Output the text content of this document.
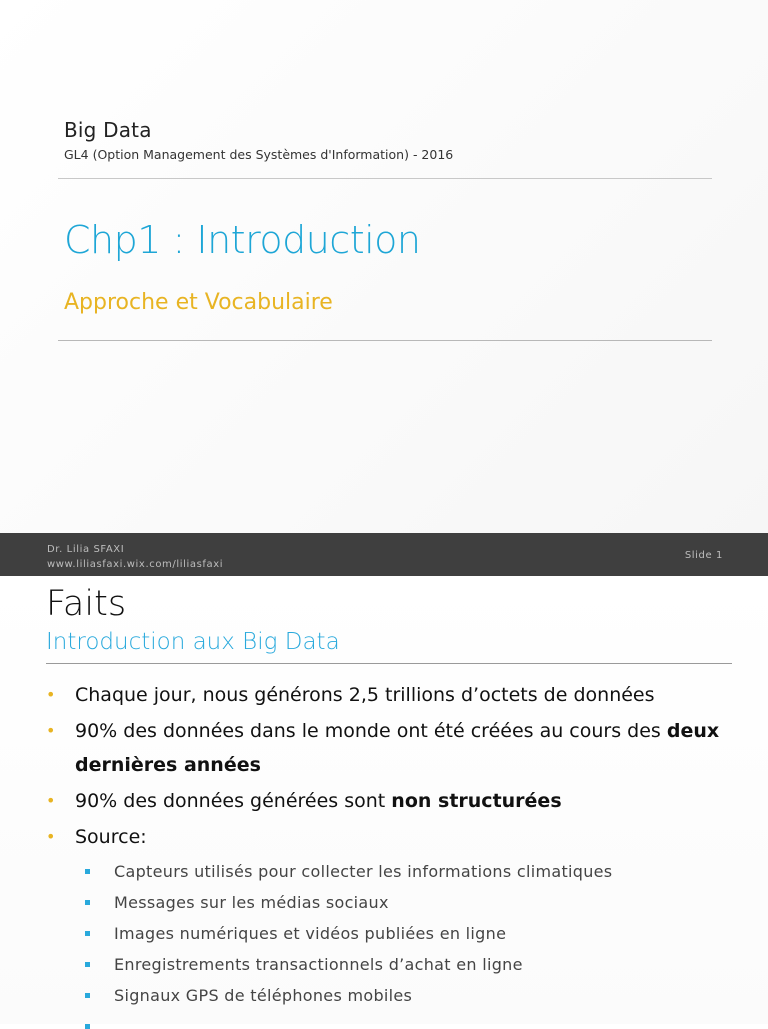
Big Data
GL4 (Option Management des Systèmes d'Information) - 2016
Chp1 : Introduction
Approche et Vocabulaire
Dr. Lilia SFAXI
www.liliasfaxi.wix.com/liliasfaxi
Slide 1
Faits
Introduction aux Big Data
• Chaque jour, nous générons 2,5 trillions d’octets de données
• 90% des données dans le monde ont été créées au cours des deux dernières années
• 90% des données générées sont non structurées
• Source:
Capteurs utilisés pour collecter les informations climatiques
Messages sur les médias sociaux
Images numériques et vidéos publiées en ligne
Enregistrements transactionnels d’achat en ligne
Signaux GPS de téléphones mobiles
